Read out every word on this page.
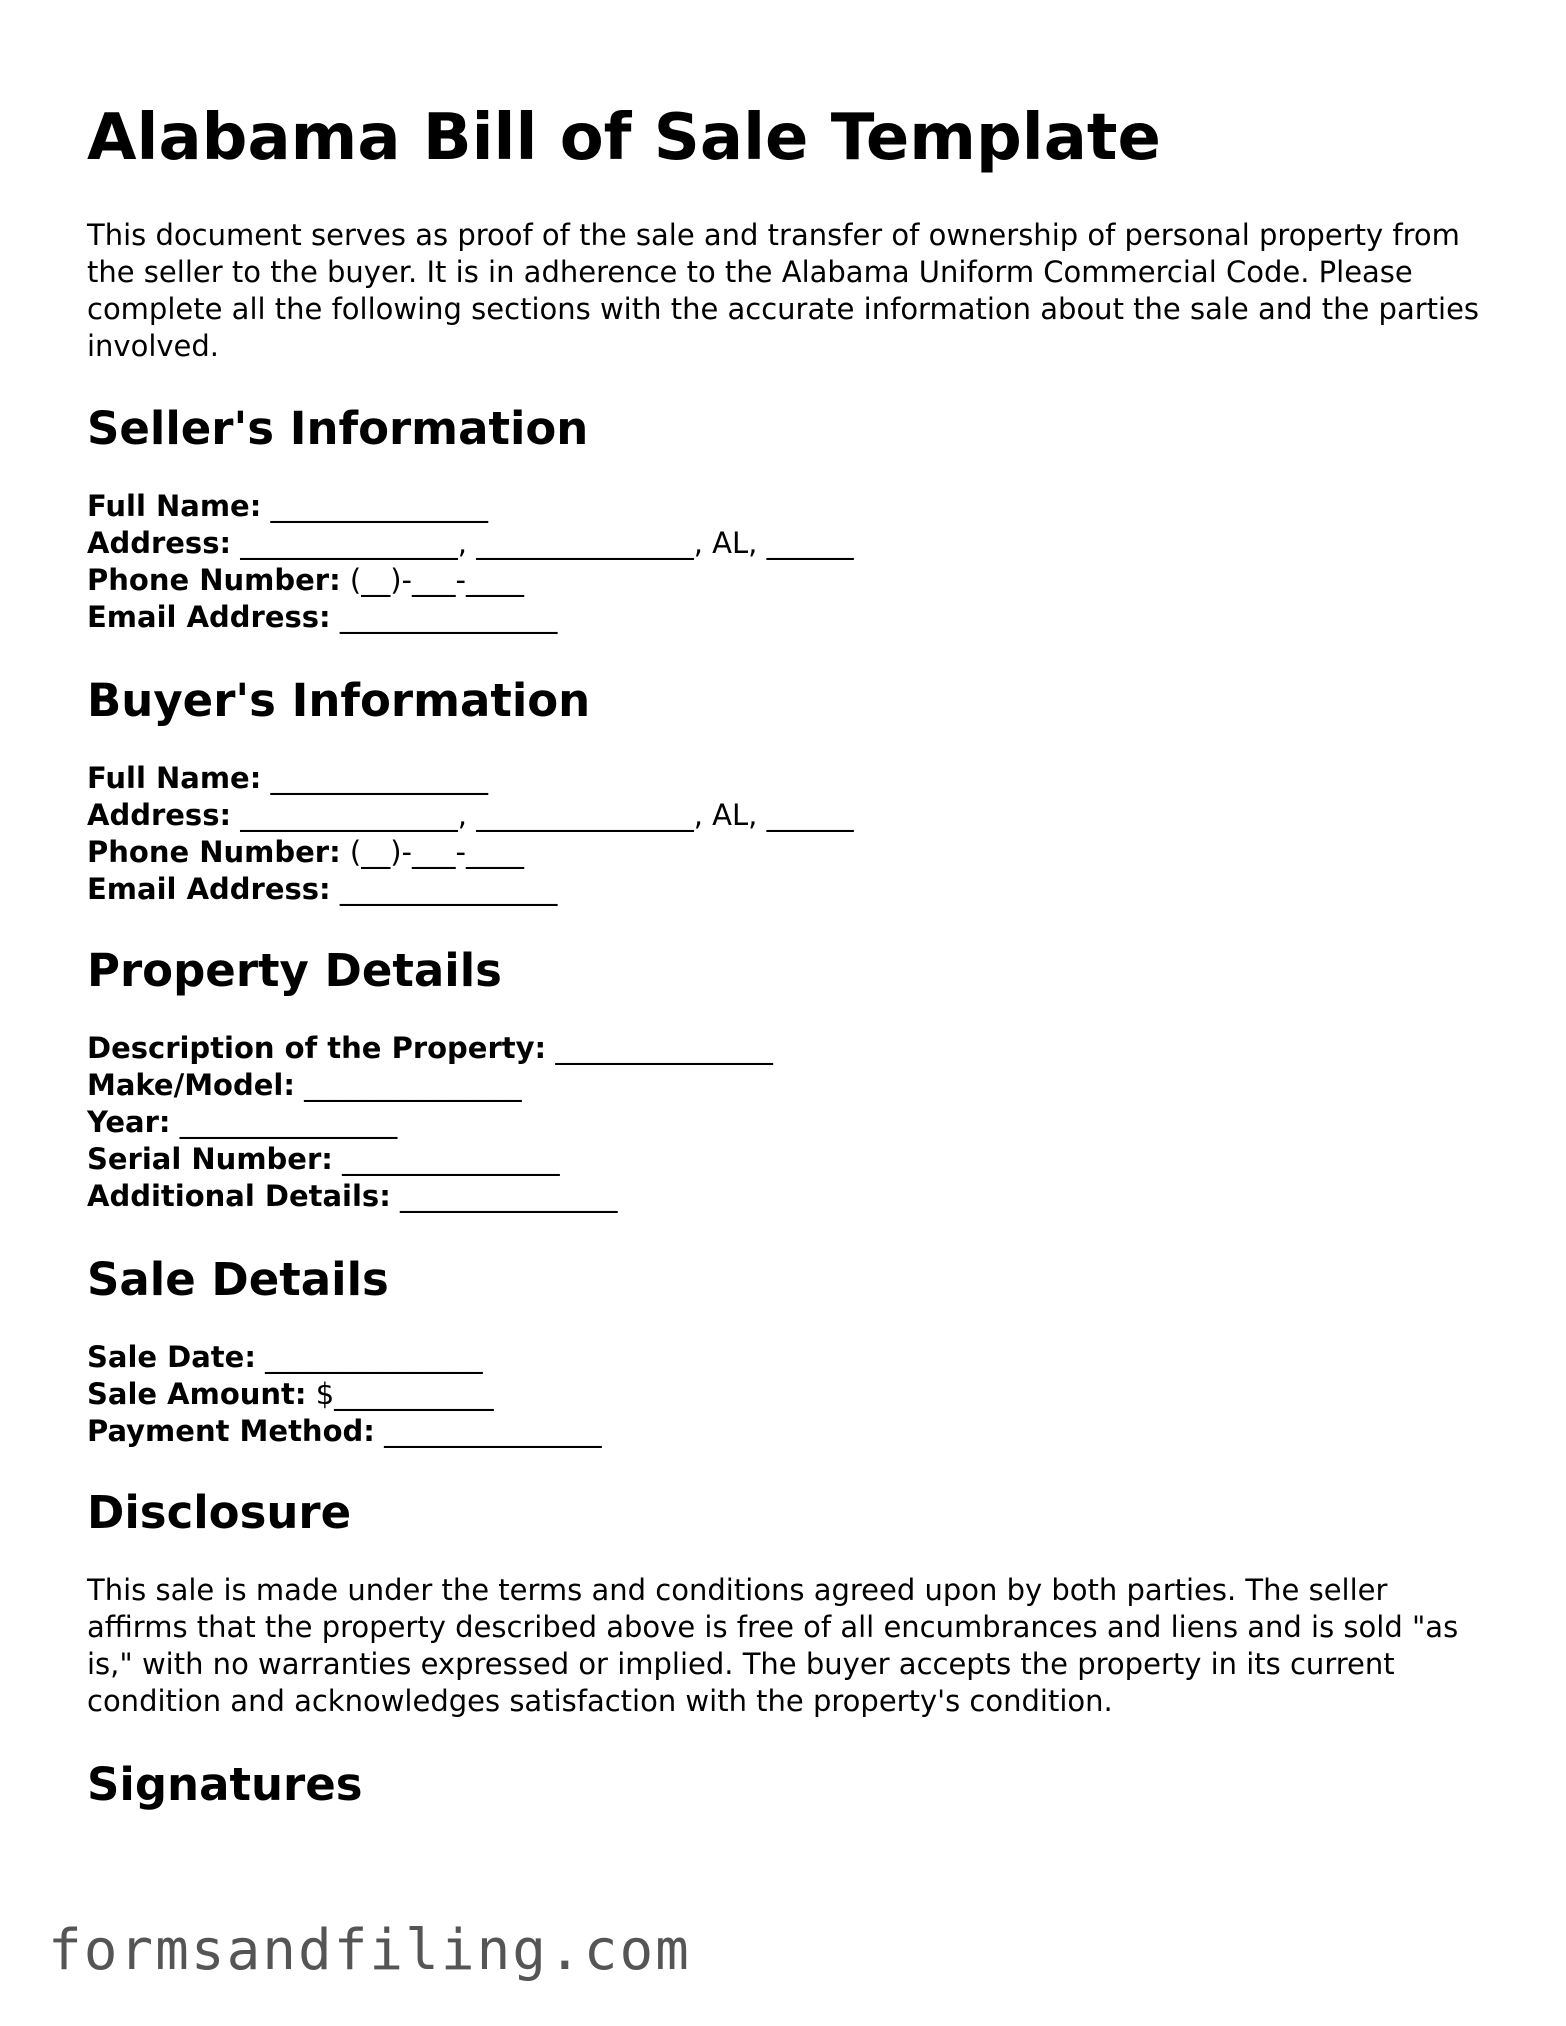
Alabama Bill of Sale Template

This document serves as proof of the sale and transfer of ownership of personal property from the seller to the buyer. It is in adherence to the Alabama Uniform Commercial Code. Please complete all the following sections with the accurate information about the sale and the parties involved.

Seller's Information
Full Name: _______________
Address: _______________, _______________, AL, ______
Phone Number: (__)-___-____
Email Address: _______________
Buyer's Information
Full Name: _______________
Address: _______________, _______________, AL, ______
Phone Number: (__)-___-____
Email Address: _______________
Property Details
Description of the Property: _______________
Make/Model: _______________
Year: _______________
Serial Number: _______________
Additional Details: _______________
Sale Details
Sale Date: _______________
Sale Amount: $___________
Payment Method: _______________
Disclosure

This sale is made under the terms and conditions agreed upon by both parties. The seller affirms that the property described above is free of all encumbrances and liens and is sold "as is," with no warranties expressed or implied. The buyer accepts the property in its current condition and acknowledges satisfaction with the property's condition.

Signatures
formsandfiling.com
